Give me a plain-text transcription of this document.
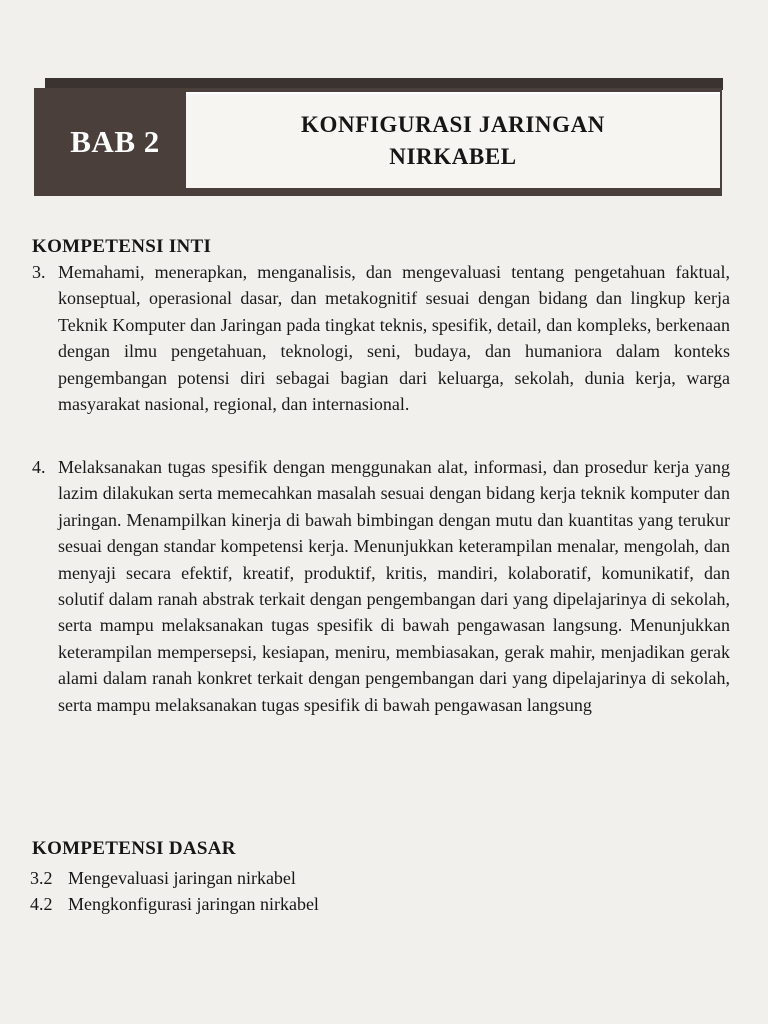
BAB 2	KONFIGURASI JARINGAN
NIRKABEL
KOMPETENSI INTI
3. Memahami, menerapkan, menganalisis, dan mengevaluasi tentang pengetahuan faktual, konseptual, operasional dasar, dan metakognitif sesuai dengan bidang dan lingkup kerja Teknik Komputer dan Jaringan pada tingkat teknis, spesifik, detail, dan kompleks, berkenaan dengan ilmu pengetahuan, teknologi, seni, budaya, dan humaniora dalam konteks pengembangan potensi diri sebagai bagian dari keluarga, sekolah, dunia kerja, warga masyarakat nasional, regional, dan internasional.
4. Melaksanakan tugas spesifik dengan menggunakan alat, informasi, dan prosedur kerja yang lazim dilakukan serta memecahkan masalah sesuai dengan bidang kerja teknik komputer dan jaringan. Menampilkan kinerja di bawah bimbingan dengan mutu dan kuantitas yang terukur sesuai dengan standar kompetensi kerja. Menunjukkan keterampilan menalar, mengolah, dan menyaji secara efektif, kreatif, produktif, kritis, mandiri, kolaboratif, komunikatif, dan solutif dalam ranah abstrak terkait dengan pengembangan dari yang dipelajarinya di sekolah, serta mampu melaksanakan tugas spesifik di bawah pengawasan langsung. Menunjukkan keterampilan mempersepsi, kesiapan, meniru, membiasakan, gerak mahir, menjadikan gerak alami dalam ranah konkret terkait dengan pengembangan dari yang dipelajarinya di sekolah, serta mampu melaksanakan tugas spesifik di bawah pengawasan langsung
KOMPETENSI DASAR
3.2 Mengevaluasi jaringan nirkabel
4.2 Mengkonfigurasi jaringan nirkabel
